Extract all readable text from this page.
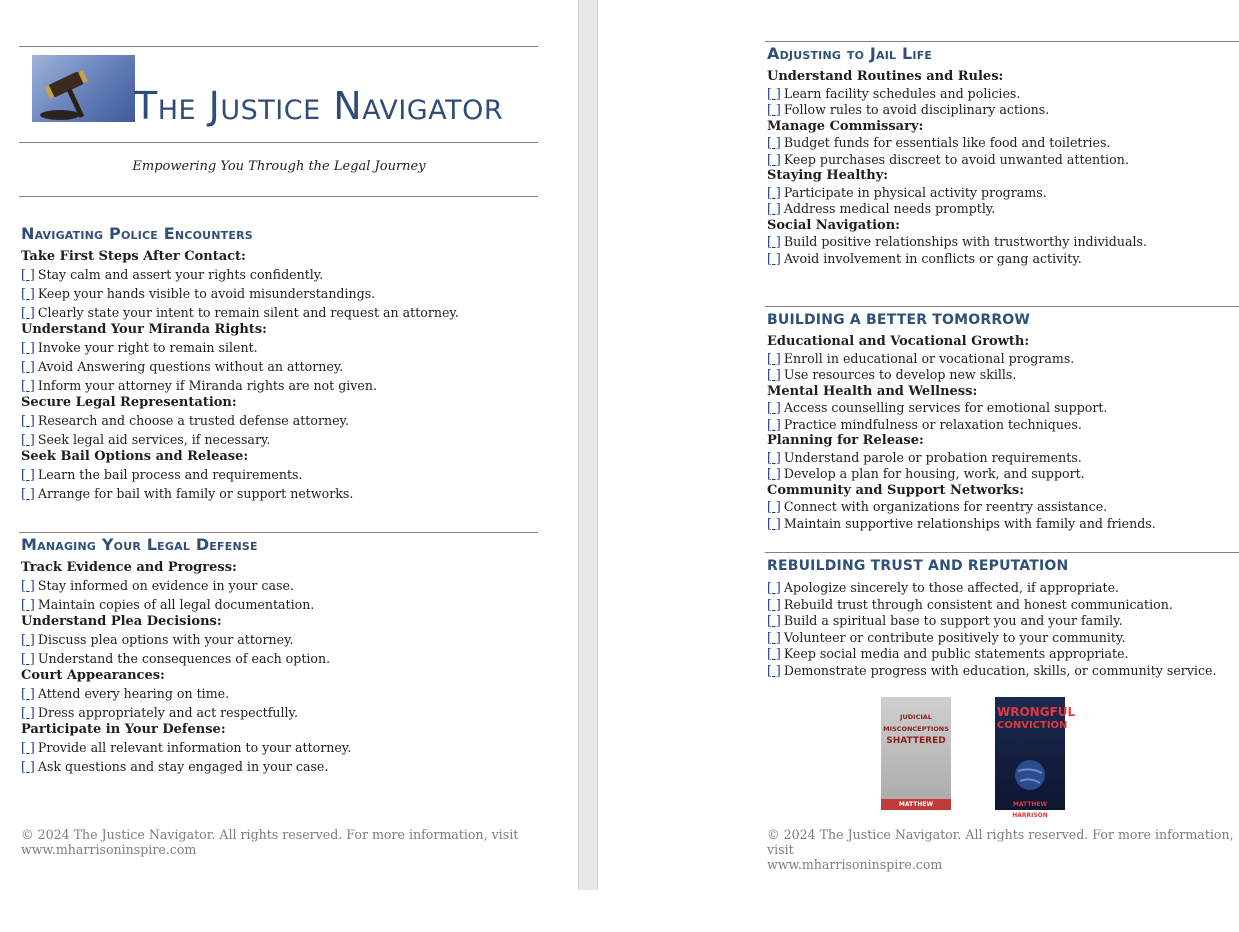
The Justice Navigator
Empowering You Through the Legal Journey
Navigating Police Encounters
Take First Steps After Contact:
[ ] Stay calm and assert your rights confidently.
[ ] Keep your hands visible to avoid misunderstandings.
[ ] Clearly state your intent to remain silent and request an attorney.
Understand Your Miranda Rights:
[ ] Invoke your right to remain silent.
[ ] Avoid Answering questions without an attorney.
[ ] Inform your attorney if Miranda rights are not given.
Secure Legal Representation:
[ ] Research and choose a trusted defense attorney.
[ ] Seek legal aid services, if necessary.
Seek Bail Options and Release:
[ ] Learn the bail process and requirements.
[ ] Arrange for bail with family or support networks.
Managing Your Legal Defense
Track Evidence and Progress:
[ ] Stay informed on evidence in your case.
[ ] Maintain copies of all legal documentation.
Understand Plea Decisions:
[ ] Discuss plea options with your attorney.
[ ] Understand the consequences of each option.
Court Appearances:
[ ] Attend every hearing on time.
[ ] Dress appropriately and act respectfully.
Participate in Your Defense:
[ ] Provide all relevant information to your attorney.
[ ] Ask questions and stay engaged in your case.
© 2024 The Justice Navigator. All rights reserved. For more information, visit
www.mharrisoninspire.com
Adjusting to Jail Life
Understand Routines and Rules:
[ ] Learn facility schedules and policies.
[ ] Follow rules to avoid disciplinary actions.
Manage Commissary:
[ ] Budget funds for essentials like food and toiletries.
[ ] Keep purchases discreet to avoid unwanted attention.
Staying Healthy:
[ ] Participate in physical activity programs.
[ ] Address medical needs promptly.
Social Navigation:
[ ] Build positive relationships with trustworthy individuals.
[ ] Avoid involvement in conflicts or gang activity.
BUILDING A BETTER TOMORROW
Educational and Vocational Growth:
[ ] Enroll in educational or vocational programs.
[ ] Use resources to develop new skills.
Mental Health and Wellness:
[ ] Access counselling services for emotional support.
[ ] Practice mindfulness or relaxation techniques.
Planning for Release:
[ ] Understand parole or probation requirements.
[ ] Develop a plan for housing, work, and support.
Community and Support Networks:
[ ] Connect with organizations for reentry assistance.
[ ] Maintain supportive relationships with family and friends.
REBUILDING TRUST AND REPUTATION
[ ] Apologize sincerely to those affected, if appropriate.
[ ] Rebuild trust through consistent and honest communication.
[ ] Build a spiritual base to support you and your family.
[ ] Volunteer or contribute positively to your community.
[ ] Keep social media and public statements appropriate.
[ ] Demonstrate progress with education, skills, or community service.
JUDICIAL
MISCONCEPTIONS
SHATTERED
MATTHEW HARRISON
WRONGFUL
CONVICTION
MATTHEW HARRISON
© 2024 The Justice Navigator. All rights reserved. For more information, visit
www.mharrisoninspire.com
